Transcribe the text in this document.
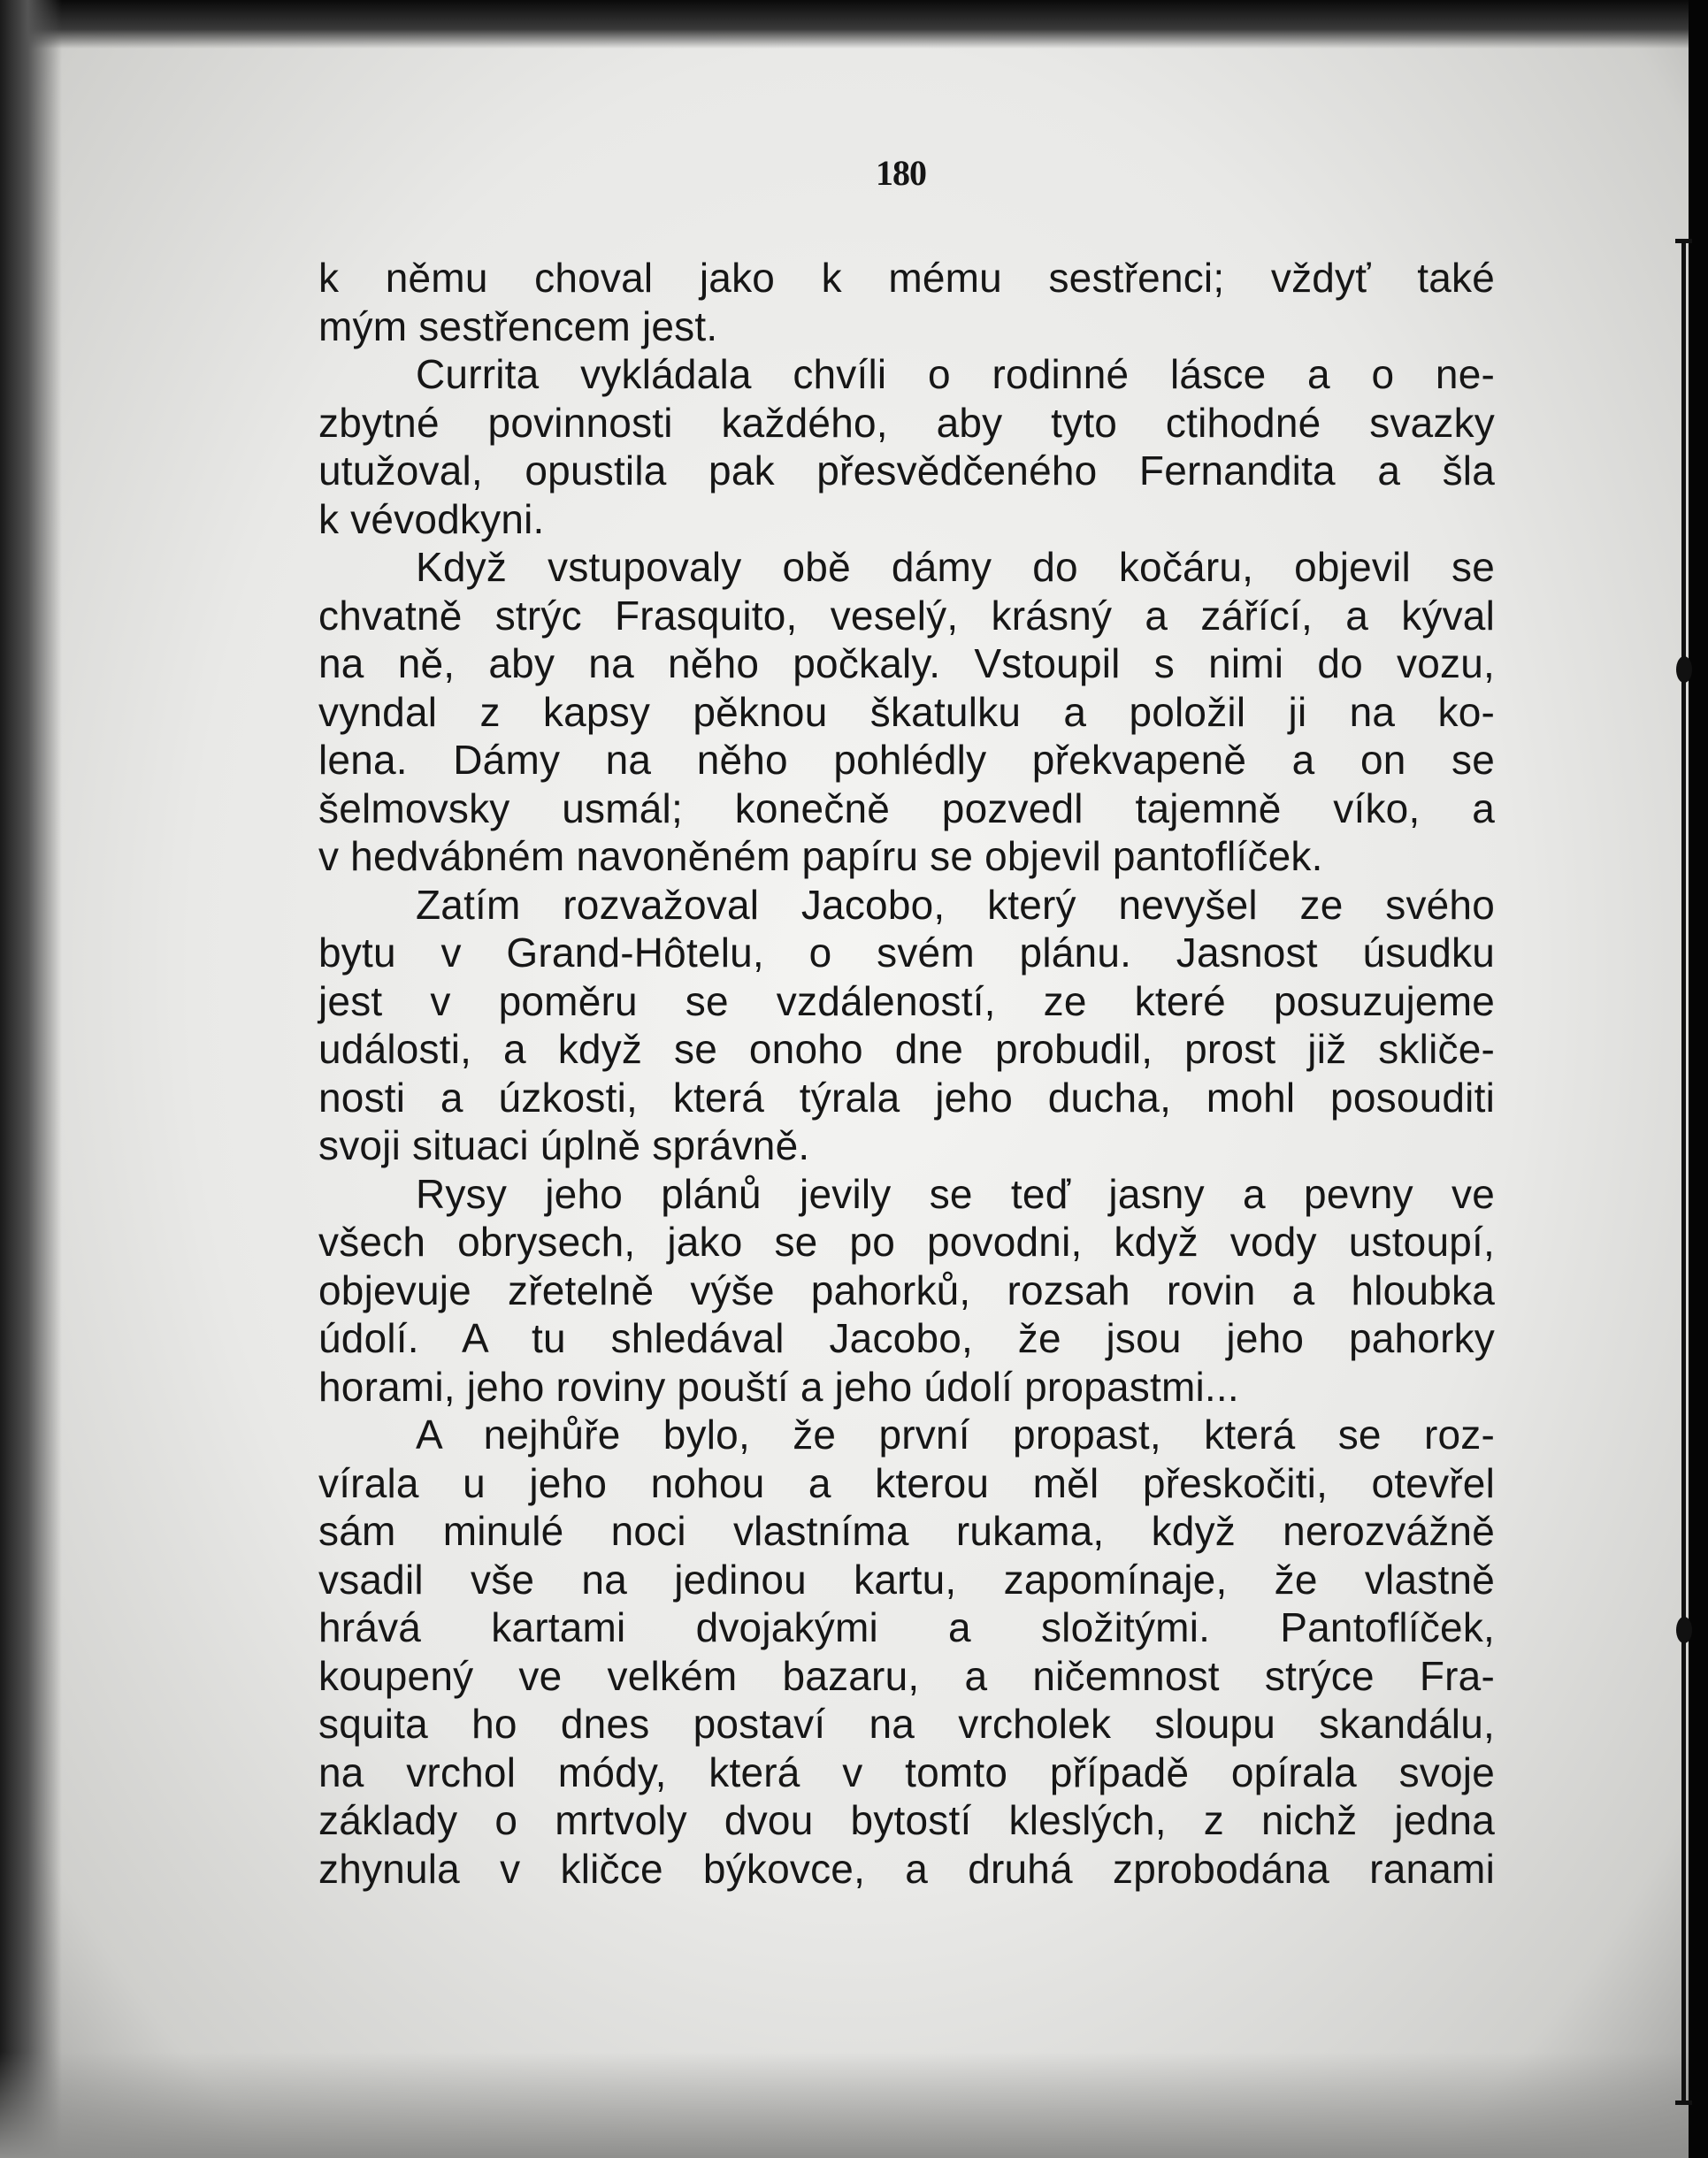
180
k němu choval jako k mému sestřenci; vždyť také
mým sestřencem jest.
Currita vykládala chvíli o rodinné lásce a o ne-
zbytné povinnosti každého, aby tyto ctihodné svazky
utužoval, opustila pak přesvědčeného Fernandita a šla
k vévodkyni.
Když vstupovaly obě dámy do kočáru, objevil se
chvatně strýc Frasquito, veselý, krásný a zářící, a kýval
na ně, aby na něho počkaly. Vstoupil s nimi do vozu,
vyndal z kapsy pěknou škatulku a položil ji na ko-
lena. Dámy na něho pohlédly překvapeně a on se
šelmovsky usmál; konečně pozvedl tajemně víko, a
v hedvábném navoněném papíru se objevil pantoflíček.
Zatím rozvažoval Jacobo, který nevyšel ze svého
bytu v Grand-Hôtelu, o svém plánu. Jasnost úsudku
jest v poměru se vzdáleností, ze které posuzujeme
události, a když se onoho dne probudil, prost již skliče-
nosti a úzkosti, která týrala jeho ducha, mohl posouditi
svoji situaci úplně správně.
Rysy jeho plánů jevily se teď jasny a pevny ve
všech obrysech, jako se po povodni, když vody ustoupí,
objevuje zřetelně výše pahorků, rozsah rovin a hloubka
údolí. A tu shledával Jacobo, že jsou jeho pahorky
horami, jeho roviny pouští a jeho údolí propastmi...
A nejhůře bylo, že první propast, která se roz-
vírala u jeho nohou a kterou měl přeskočiti, otevřel
sám minulé noci vlastníma rukama, když nerozvážně
vsadil vše na jedinou kartu, zapomínaje, že vlastně
hrává kartami dvojakými a složitými. Pantoflíček,
koupený ve velkém bazaru, a ničemnost strýce Fra-
squita ho dnes postaví na vrcholek sloupu skandálu,
na vrchol módy, která v tomto případě opírala svoje
základy o mrtvoly dvou bytostí kleslých, z nichž jedna
zhynula v kličce býkovce, a druhá zprobodána ranami
